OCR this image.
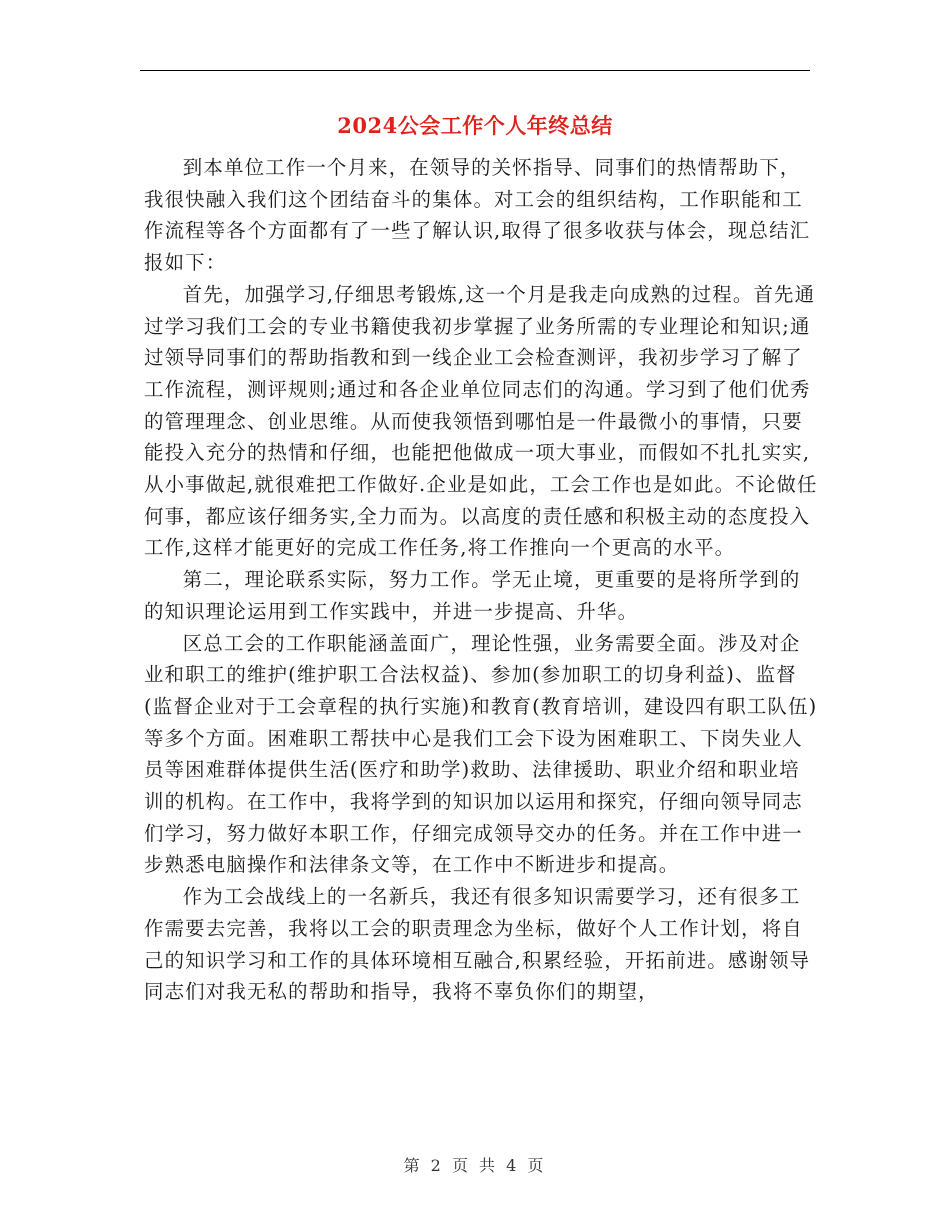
2024公会工作个人年终总结

到本单位工作一个月来，在领导的关怀指导、同事们的热情帮助下，我很快融入我们这个团结奋斗的集体。对工会的组织结构，工作职能和工作流程等各个方面都有了一些了解认识,取得了很多收获与体会，现总结汇报如下：

首先，加强学习,仔细思考锻炼,这一个月是我走向成熟的过程。首先通过学习我们工会的专业书籍使我初步掌握了业务所需的专业理论和知识;通过领导同事们的帮助指教和到一线企业工会检查测评，我初步学习了解了工作流程，测评规则;通过和各企业单位同志们的沟通。学习到了他们优秀的管理理念、创业思维。从而使我领悟到哪怕是一件最微小的事情，只要能投入充分的热情和仔细，也能把他做成一项大事业，而假如不扎扎实实,从小事做起,就很难把工作做好.企业是如此，工会工作也是如此。不论做任何事，都应该仔细务实,全力而为。以高度的责任感和积极主动的态度投入工作,这样才能更好的完成工作任务,将工作推向一个更高的水平。

第二，理论联系实际，努力工作。学无止境，更重要的是将所学到的的知识理论运用到工作实践中，并进一步提高、升华。

区总工会的工作职能涵盖面广，理论性强，业务需要全面。涉及对企业和职工的维护(维护职工合法权益)、参加(参加职工的切身利益)、监督(监督企业对于工会章程的执行实施)和教育(教育培训，建设四有职工队伍)等多个方面。困难职工帮扶中心是我们工会下设为困难职工、下岗失业人员等困难群体提供生活(医疗和助学)救助、法律援助、职业介绍和职业培训的机构。在工作中，我将学到的知识加以运用和探究，仔细向领导同志们学习，努力做好本职工作，仔细完成领导交办的任务。并在工作中进一步熟悉电脑操作和法律条文等，在工作中不断进步和提高。

作为工会战线上的一名新兵，我还有很多知识需要学习，还有很多工作需要去完善，我将以工会的职责理念为坐标，做好个人工作计划，将自己的知识学习和工作的具体环境相互融合,积累经验，开拓前进。感谢领导同志们对我无私的帮助和指导，我将不辜负你们的期望，

第 2 页 共 4 页
